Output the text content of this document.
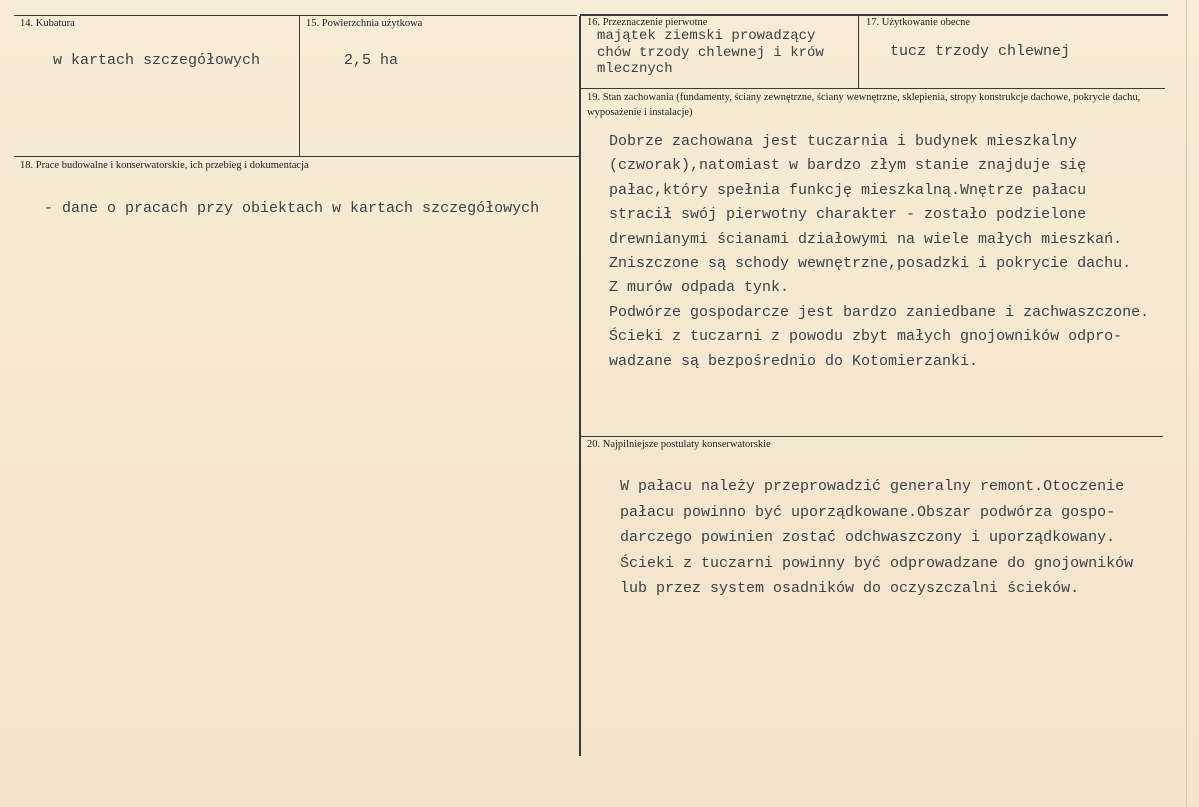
14. Kubatura
w kartach szczegółowych
15. Powierzchnia użytkowa
2,5 ha
16. Przeznaczenie pierwotne
majątek ziemski prowadzący
chów trzody chlewnej i krów
mlecznych
17. Użytkowanie obecne
tucz trzody chlewnej
18. Prace budowalne i konserwatorskie, ich przebieg i dokumentacja
- dane o pracach przy obiektach w kartach szczegółowych
19. Stan zachowania (fundamenty, ściany zewnętrzne, ściany wewnętrzne, sklepienia, stropy konstrukcje dachowe, pokrycie dachu, wyposażenie i instalacje)
Dobrze zachowana jest tuczarnia i budynek mieszkalny
(czworak),natomiast w bardzo złym stanie znajduje się
pałac,który spełnia funkcję mieszkalną.Wnętrze pałacu
stracił swój pierwotny charakter - zostało podzielone
drewnianymi ścianami działowymi na wiele małych mieszkań.
Zniszczone są schody wewnętrzne,posadzki i pokrycie dachu.
Z murów odpada tynk.
Podwórze gospodarcze jest bardzo zaniedbane i zachwaszczone.
Ścieki z tuczarni z powodu zbyt małych gnojowników odpro-
wadzane są bezpośrednio do Kotomierzanki.
20. Najpilniejsze postulaty konserwatorskie
W pałacu należy przeprowadzić generalny remont.Otoczenie
pałacu powinno być uporządkowane.Obszar podwórza gospo-
darczego powinien zostać odchwaszczony i uporządkowany.
Ścieki z tuczarni powinny być odprowadzane do gnojowników
lub przez system osadników do oczyszczalni ścieków.
